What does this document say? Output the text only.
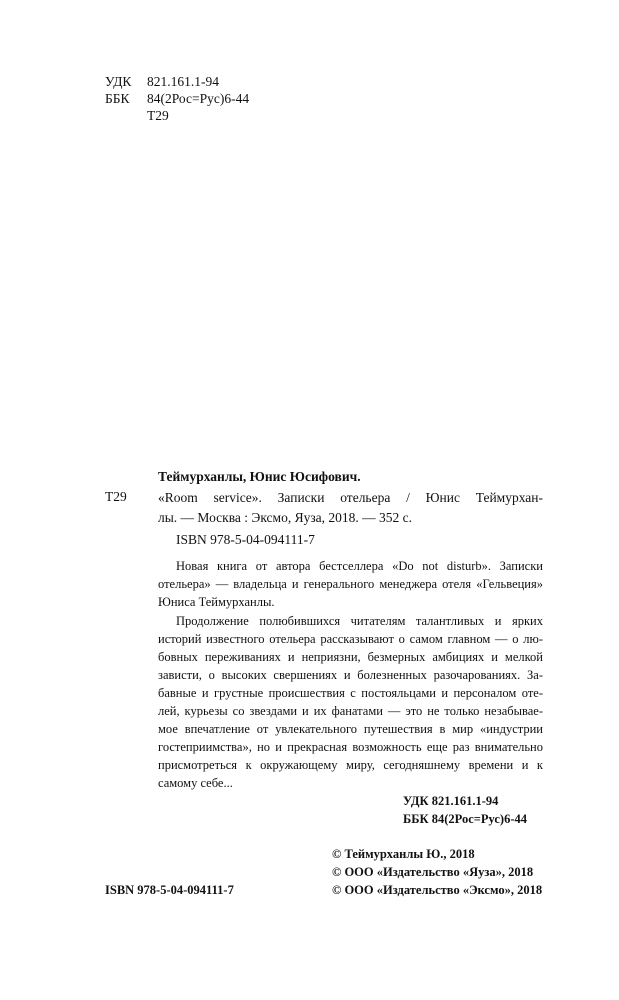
УДК 821.161.1-94
ББК 84(2Рос=Рус)6-44
Т29
Теймурханлы, Юнис Юсифович.
Т29 «Room service». Записки отельера / Юнис Теймурхан-
лы. — Москва : Эксмо, Яуза, 2018. — 352 с.
ISBN 978-5-04-094111-7
Новая книга от автора бестселлера «Do not disturb». Записки
отельера» — владельца и генерального менеджера отеля «Гельвеция»
Юниса Теймурханлы.
Продолжение полюбившихся читателям талантливых и ярких
историй известного отельера рассказывают о самом главном — о лю-
бовных переживаниях и неприязни, безмерных амбициях и мелкой
зависти, о высоких свершениях и болезненных разочарованиях. За-
бавные и грустные происшествия с постояльцами и персоналом оте-
лей, курьезы со звездами и их фанатами — это не только незабывае-
мое впечатление от увлекательного путешествия в мир «индустрии
гостеприимства», но и прекрасная возможность еще раз внимательно
присмотреться к окружающему миру, сегодняшнему времени и к
самому себе...
УДК 821.161.1-94
ББК 84(2Рос=Рус)6-44
ISBN 978-5-04-094111-7
© Теймурханлы Ю., 2018
© ООО «Издательство «Яуза», 2018
© ООО «Издательство «Эксмо», 2018
